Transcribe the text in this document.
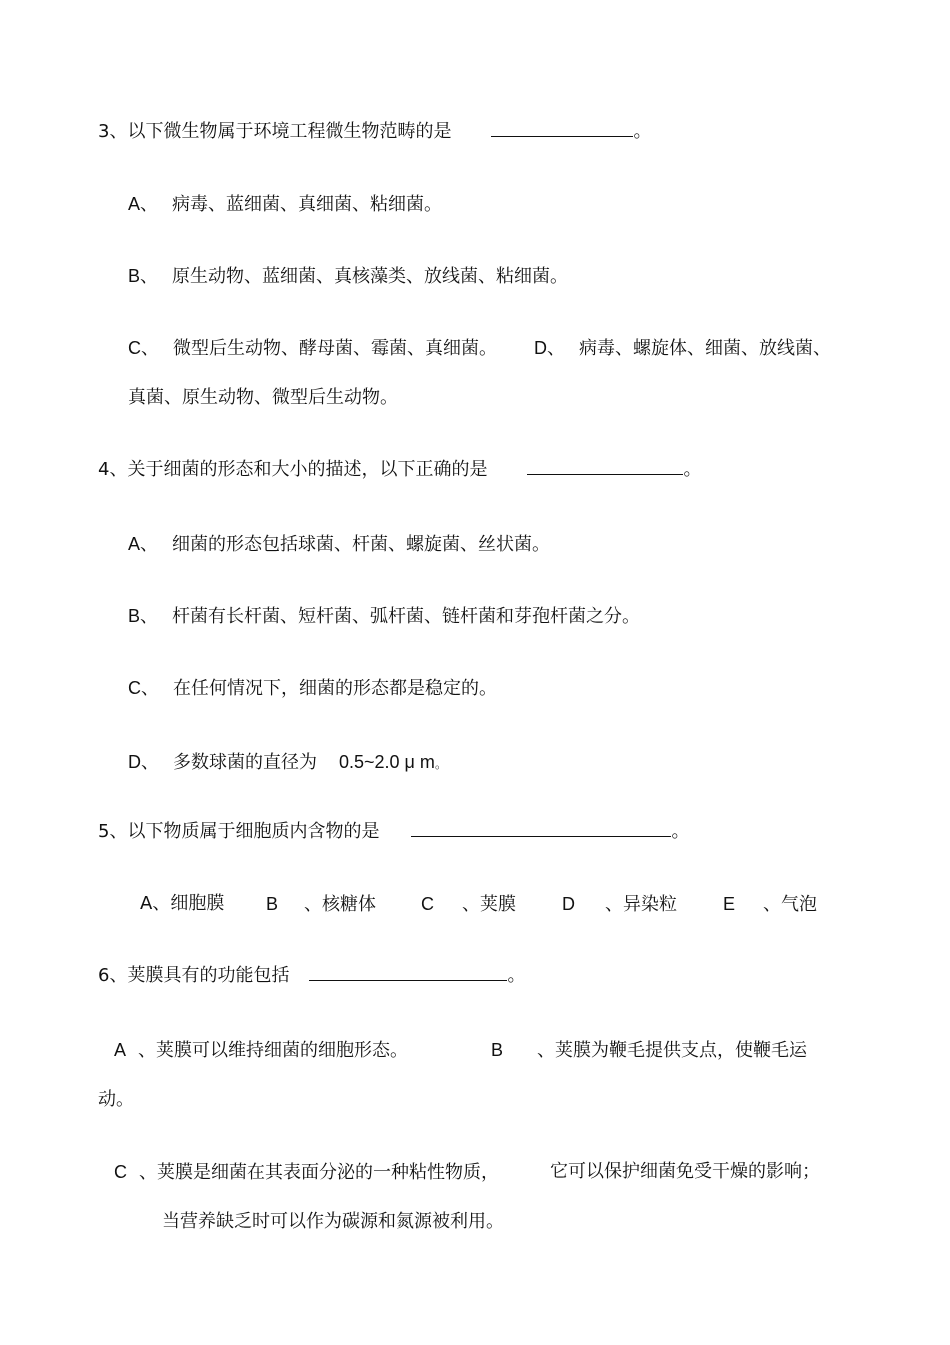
3、以下微生物属于环境工程微生物范畴的是	。
A、 病毒、蓝细菌、真细菌、粘细菌。
B、 原生动物、蓝细菌、真核藻类、放线菌、粘细菌。
C、 微型后生动物、酵母菌、霉菌、真细菌。 D、 病毒、螺旋体、细菌、放线菌、
真菌、原生动物、微型后生动物。
4、关于细菌的形态和大小的描述，以下正确的是	。
A、 细菌的形态包括球菌、杆菌、螺旋菌、丝状菌。
B、 杆菌有长杆菌、短杆菌、弧杆菌、链杆菌和芽孢杆菌之分。
C、 在任何情况下，细菌的形态都是稳定的。
D、 多数球菌的直径为 0.5~2.0 μ m。
5、以下物质属于细胞质内含物的是	。
A、细胞膜 B 、核糖体 C 、荚膜	D 、异染粒	E 、气泡
6、荚膜具有的功能包括	。
A 、荚膜可以维持细菌的细胞形态。	B 、荚膜为鞭毛提供支点，使鞭毛运
动。
C 、荚膜是细菌在其表面分泌的一种粘性物质，	它可以保护细菌免受干燥的影响；
当营养缺乏时可以作为碳源和氮源被利用。
